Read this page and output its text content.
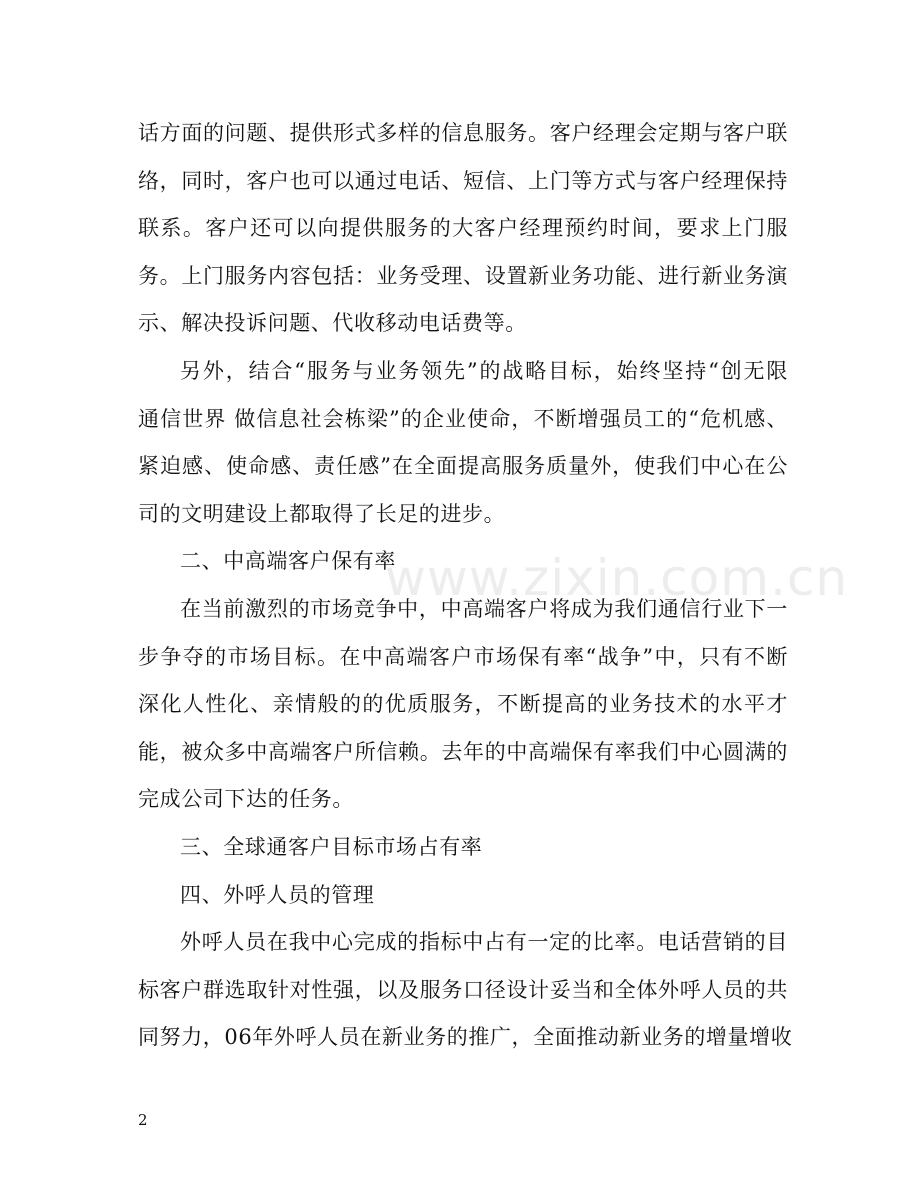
www.zixin.com.cn
话方面的问题、提供形式多样的信息服务。客户经理会定期与客户联
络，同时，客户也可以通过电话、短信、上门等方式与客户经理保持
联系。客户还可以向提供服务的大客户经理预约时间，要求上门服
务。上门服务内容包括：业务受理、设置新业务功能、进行新业务演
示、解决投诉问题、代收移动电话费等。
另外，结合“服务与业务领先”的战略目标，始终坚持“创无限
通信世界 做信息社会栋梁”的企业使命，不断增强员工的“危机感、
紧迫感、使命感、责任感”在全面提高服务质量外，使我们中心在公
司的文明建设上都取得了长足的进步。
二、中高端客户保有率
在当前激烈的市场竞争中，中高端客户将成为我们通信行业下一
步争夺的市场目标。在中高端客户市场保有率“战争”中，只有不断
深化人性化、亲情般的的优质服务，不断提高的业务技术的水平才
能，被众多中高端客户所信赖。去年的中高端保有率我们中心圆满的
完成公司下达的任务。
三、全球通客户目标市场占有率
四、外呼人员的管理
外呼人员在我中心完成的指标中占有一定的比率。电话营销的目
标客户群选取针对性强，以及服务口径设计妥当和全体外呼人员的共
同努力，06年外呼人员在新业务的推广，全面推动新业务的增量增收
2
